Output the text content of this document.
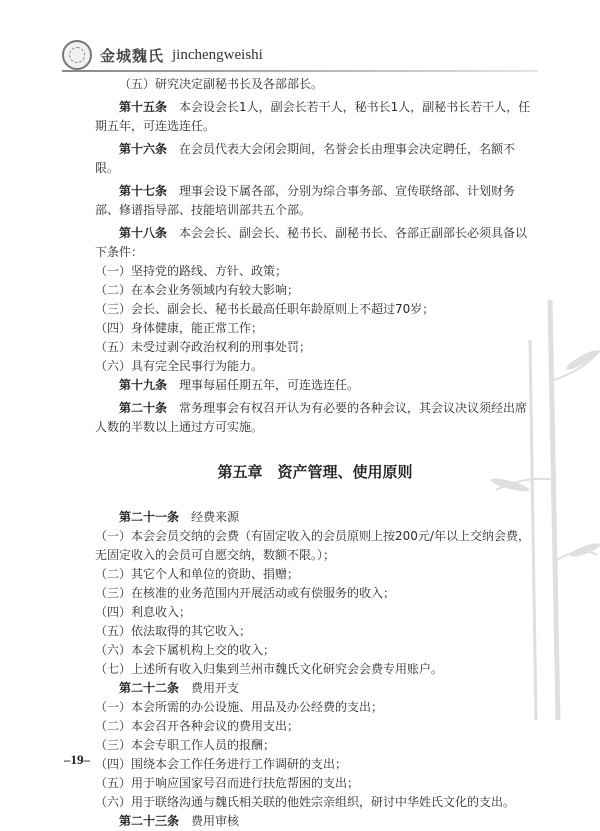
金城魏氏 jinchengweishi

（五）研究决定副秘书长及各部部长。

第十五条　 本会设会长1人，副会长若干人，秘书长1人，副秘书长若干人，任期五年，可连选连任。

第十六条　 在会员代表大会闭会期间，名誉会长由理事会决定聘任，名额不限。

第十七条　 理事会设下属各部，分别为综合事务部、宣传联络部、计划财务部、修谱指导部、技能培训部共五个部。

第十八条　 本会会长、副会长、秘书长、副秘书长、各部正副部长必须具备以下条件：

（一）坚持党的路线、方针、政策；

（二）在本会业务领域内有较大影响；

（三）会长、副会长、秘书长最高任职年龄原则上不超过70岁；

（四）身体健康，能正常工作；

（五）未受过剥夺政治权利的刑事处罚；

（六）具有完全民事行为能力。

第十九条　 理事每届任期五年，可连选连任。

第二十条　 常务理事会有权召开认为有必要的各种会议，其会议决议须经出席人数的半数以上通过方可实施。

第五章　资产管理、使用原则

第二十一条　 经费来源

（一）本会会员交纳的会费（有固定收入的会员原则上按200元/年以上交纳会费，无固定收入的会员可自愿交纳，数额不限。）；

（二）其它个人和单位的资助、捐赠；

（三）在核准的业务范围内开展活动或有偿服务的收入；

（四）利息收入；

（五）依法取得的其它收入；

（六）本会下属机构上交的收入；

（七）上述所有收入归集到兰州市魏氏文化研究会会费专用账户。

第二十二条　 费用开支

（一）本会所需的办公设施、用品及办公经费的支出；

（二）本会召开各种会议的费用支出；

（三）本会专职工作人员的报酬；

（四）围绕本会工作任务进行工作调研的支出；

（五）用于响应国家号召而进行扶危帮困的支出；

（六）用于联络沟通与魏氏相关联的他姓宗亲组织，研讨中华姓氏文化的支出。

第二十三条　 费用审核

–19–
